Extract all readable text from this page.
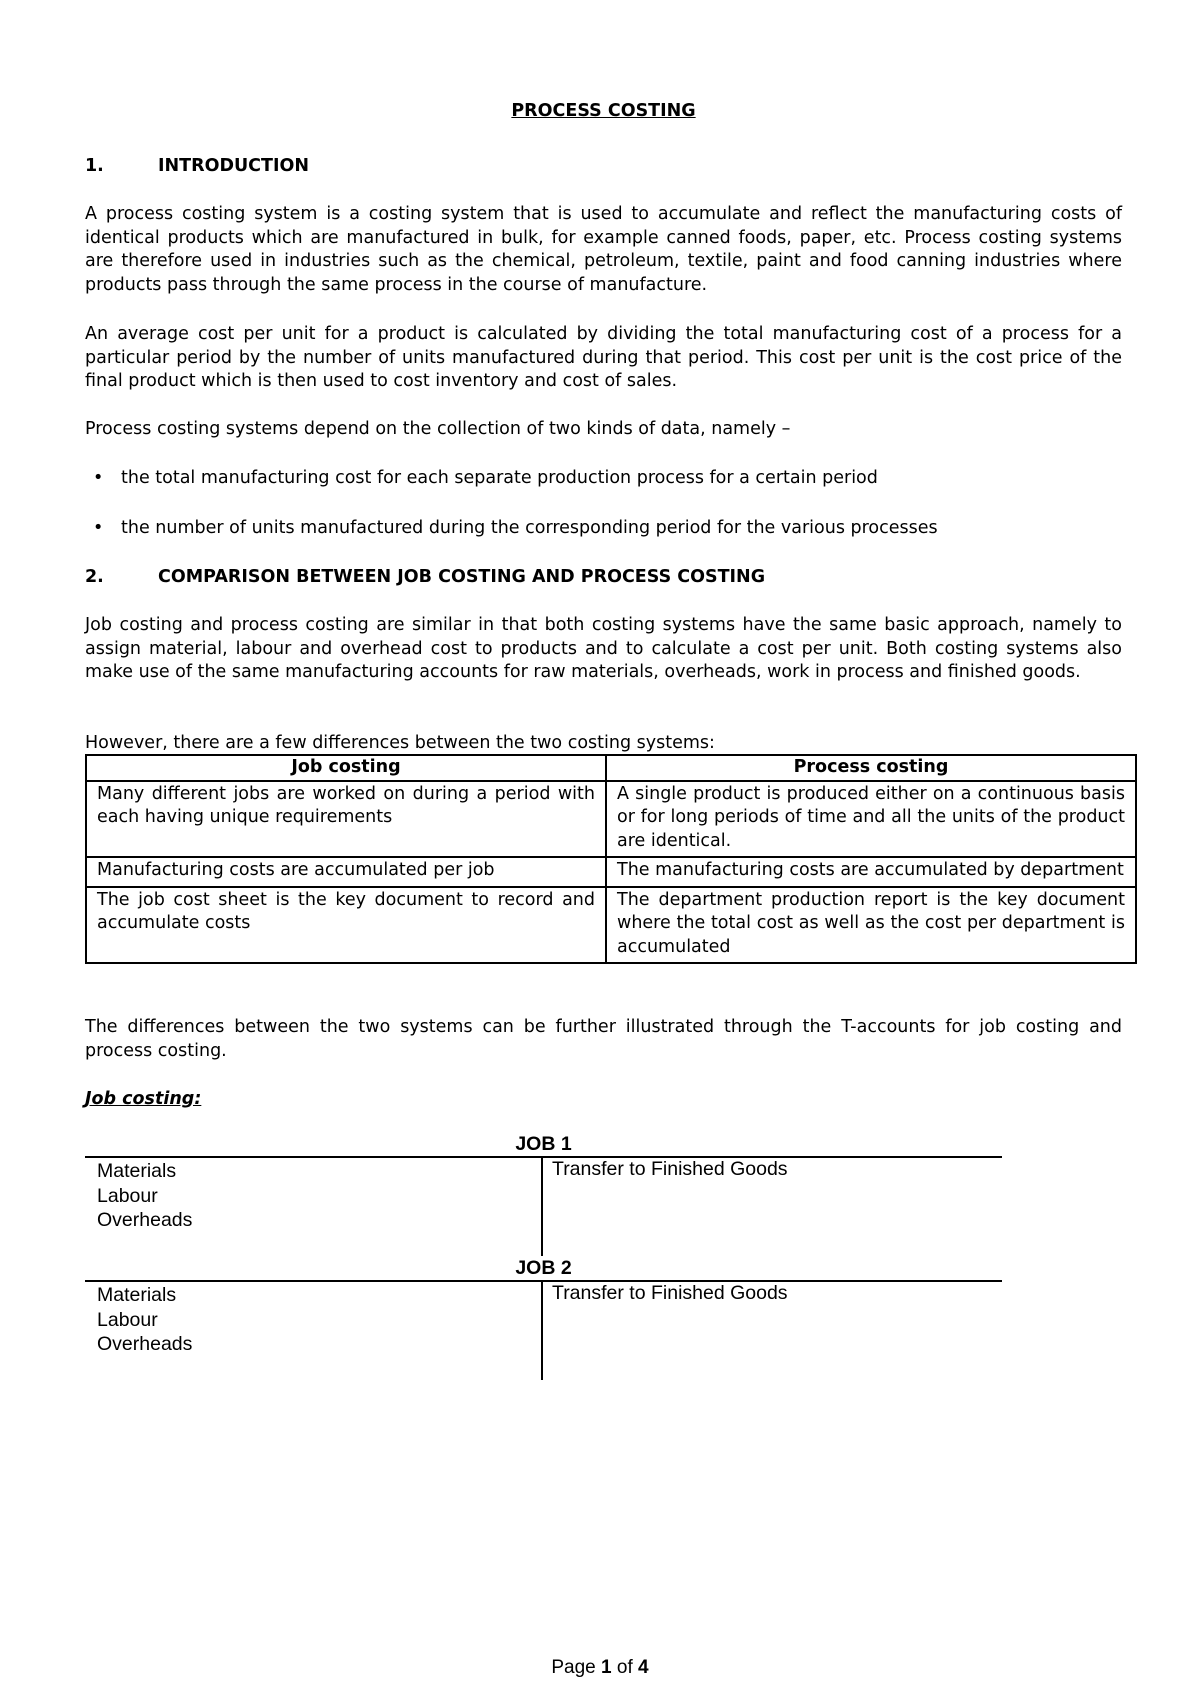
PROCESS COSTING
1.	INTRODUCTION

A process costing system is a costing system that is used to accumulate and reflect the manufacturing costs of identical products which are manufactured in bulk, for example canned foods, paper, etc. Process costing systems are therefore used in industries such as the chemical, petroleum, textile, paint and food canning industries where products pass through the same process in the course of manufacture.

An average cost per unit for a product is calculated by dividing the total manufacturing cost of a process for a particular period by the number of units manufactured during that period. This cost per unit is the cost price of the final product which is then used to cost inventory and cost of sales.

Process costing systems depend on the collection of two kinds of data, namely –

• the total manufacturing cost for each separate production process for a certain period
• the number of units manufactured during the corresponding period for the various processes
2.	COMPARISON BETWEEN JOB COSTING AND PROCESS COSTING

Job costing and process costing are similar in that both costing systems have the same basic approach, namely to assign material, labour and overhead cost to products and to calculate a cost per unit. Both costing systems also make use of the same manufacturing accounts for raw materials, overheads, work in process and finished goods.

However, there are a few differences between the two costing systems:

Job costing	Process costing
Many different jobs are worked on during a period with each having unique requirements	A single product is produced either on a continuous basis or for long periods of time and all the units of the product are identical.
Manufacturing costs are accumulated per job	The manufacturing costs are accumulated by department
The job cost sheet is the key document to record and accumulate costs	The department production report is the key document where the total cost as well as the cost per department is accumulated

The differences between the two systems can be further illustrated through the T-accounts for job costing and process costing.

Job costing:
JOB 1
Materials
Labour
Overheads
Transfer to Finished Goods
JOB 2
Materials
Labour
Overheads
Transfer to Finished Goods
Page 1 of 4
